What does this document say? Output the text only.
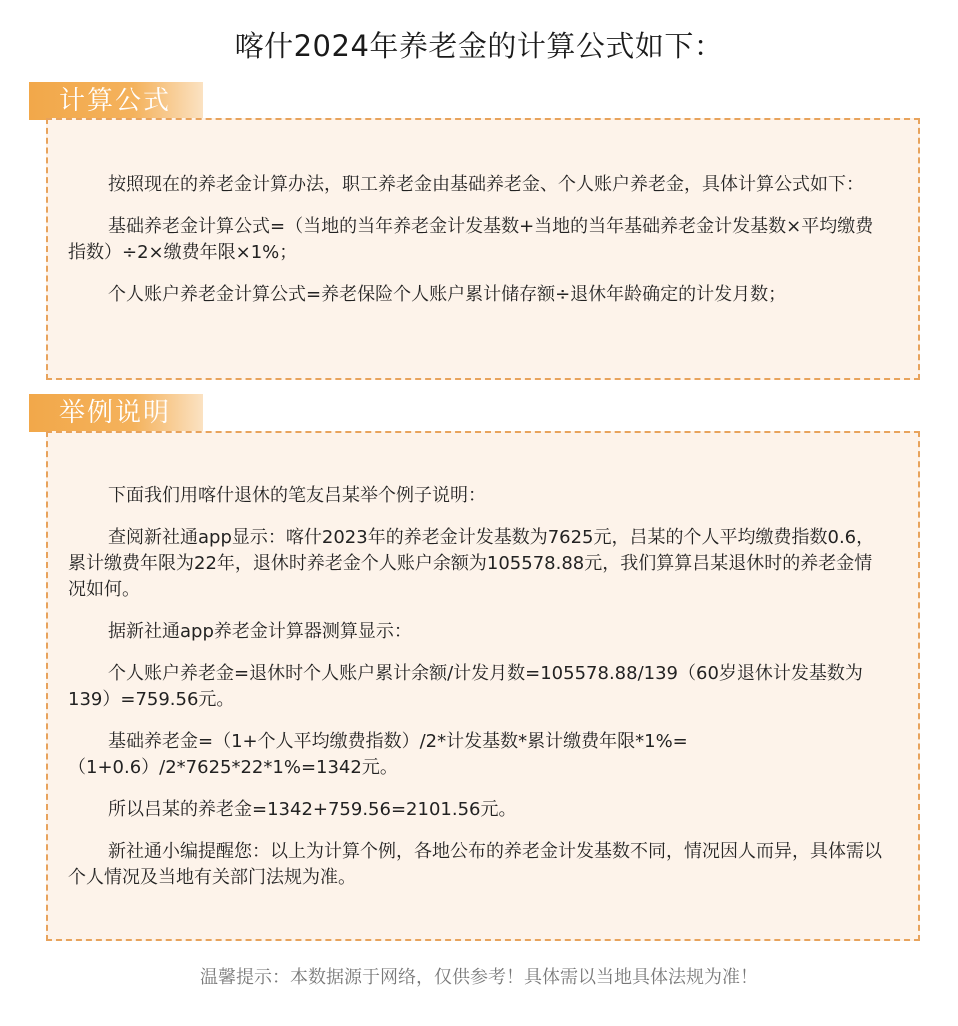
喀什2024年养老金的计算公式如下：
计算公式

按照现在的养老金计算办法，职工养老金由基础养老金、个人账户养老金，具体计算公式如下：

基础养老金计算公式=（当地的当年养老金计发基数+当地的当年基础养老金计发基数×平均缴费指数）÷2×缴费年限×1%；

个人账户养老金计算公式=养老保险个人账户累计储存额÷退休年龄确定的计发月数；

举例说明

下面我们用喀什退休的笔友吕某举个例子说明：

查阅新社通app显示：喀什2023年的养老金计发基数为7625元，吕某的个人平均缴费指数0.6，累计缴费年限为22年，退休时养老金个人账户余额为105578.88元，我们算算吕某退休时的养老金情况如何。

据新社通app养老金计算器测算显示：

个人账户养老金=退休时个人账户累计余额/计发月数=105578.88/139（60岁退休计发基数为139）=759.56元。

基础养老金=（1+个人平均缴费指数）/2*计发基数*累计缴费年限*1%=（1+0.6）/2*7625*22*1%=1342元。

所以吕某的养老金=1342+759.56=2101.56元。

新社通小编提醒您：以上为计算个例，各地公布的养老金计发基数不同，情况因人而异，具体需以个人情况及当地有关部门法规为准。

温馨提示：本数据源于网络，仅供参考！具体需以当地具体法规为准！
